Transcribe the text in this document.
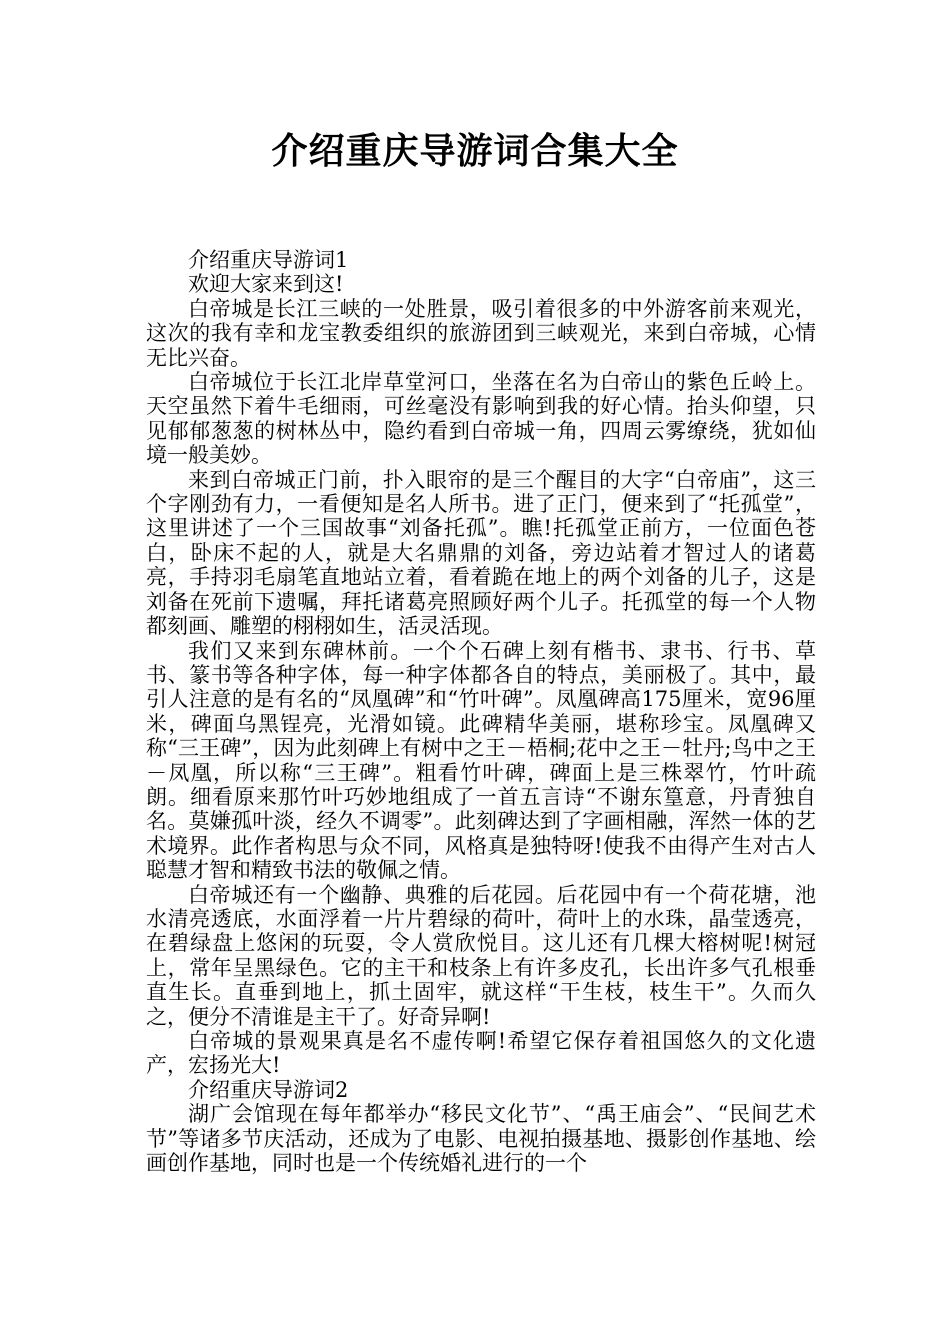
介绍重庆导游词合集大全

介绍重庆导游词1

欢迎大家来到这!

白帝城是长江三峡的一处胜景，吸引着很多的中外游客前来观光，这次的我有幸和龙宝教委组织的旅游团到三峡观光，来到白帝城，心情无比兴奋。

白帝城位于长江北岸草堂河口，坐落在名为白帝山的紫色丘岭上。天空虽然下着牛毛细雨，可丝毫没有影响到我的好心情。抬头仰望，只见郁郁葱葱的树林丛中，隐约看到白帝城一角，四周云雾缭绕，犹如仙境一般美妙。

来到白帝城正门前，扑入眼帘的是三个醒目的大字“白帝庙”，这三个字刚劲有力，一看便知是名人所书。进了正门，便来到了“托孤堂”，这里讲述了一个三国故事“刘备托孤”。瞧!托孤堂正前方，一位面色苍白，卧床不起的人，就是大名鼎鼎的刘备，旁边站着才智过人的诸葛亮，手持羽毛扇笔直地站立着，看着跪在地上的两个刘备的儿子，这是刘备在死前下遗嘱，拜托诸葛亮照顾好两个儿子。托孤堂的每一个人物都刻画、雕塑的栩栩如生，活灵活现。

我们又来到东碑林前。一个个石碑上刻有楷书、隶书、行书、草书、篆书等各种字体，每一种字体都各自的特点，美丽极了。其中，最引人注意的是有名的“凤凰碑”和“竹叶碑”。凤凰碑高175厘米，宽96厘米，碑面乌黑锃亮，光滑如镜。此碑精华美丽，堪称珍宝。凤凰碑又称“三王碑”，因为此刻碑上有树中之王－梧桐;花中之王－牡丹;鸟中之王－凤凰，所以称“三王碑”。粗看竹叶碑，碑面上是三株翠竹，竹叶疏朗。细看原来那竹叶巧妙地组成了一首五言诗“不谢东篁意，丹青独自名。莫嫌孤叶淡，经久不调零”。此刻碑达到了字画相融，浑然一体的艺术境界。此作者构思与众不同，风格真是独特呀!使我不由得产生对古人聪慧才智和精致书法的敬佩之情。

白帝城还有一个幽静、典雅的后花园。后花园中有一个荷花塘，池水清亮透底，水面浮着一片片碧绿的荷叶，荷叶上的水珠，晶莹透亮，在碧绿盘上悠闲的玩耍，令人赏欣悦目。这儿还有几棵大榕树呢!树冠上，常年呈黑绿色。它的主干和枝条上有许多皮孔，长出许多气孔根垂直生长。直垂到地上，抓土固牢，就这样“干生枝，枝生干”。久而久之，便分不清谁是主干了。好奇异啊!

白帝城的景观果真是名不虚传啊!希望它保存着祖国悠久的文化遗产，宏扬光大!

介绍重庆导游词2

湖广会馆现在每年都举办“移民文化节”、“禹王庙会”、“民间艺术节”等诸多节庆活动，还成为了电影、电视拍摄基地、摄影创作基地、绘画创作基地，同时也是一个传统婚礼进行的一个
